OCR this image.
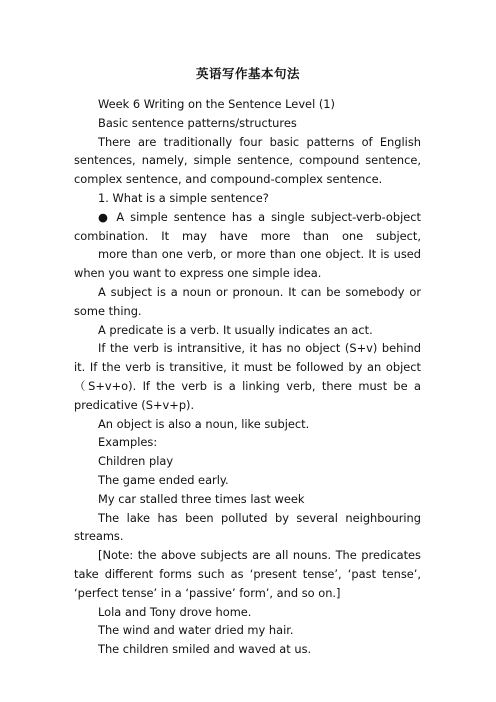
英语写作基本句法

Week 6 Writing on the Sentence Level (1)

Basic sentence patterns/structures

There are traditionally four basic patterns of English sentences, namely, simple sentence, compound sentence, complex sentence, and compound-complex sentence.

1. What is a simple sentence?

● A simple sentence has a single subject-verb-object combination. It may have more than one subject,

more than one verb, or more than one object. It is used when you want to express one simple idea.

A subject is a noun or pronoun. It can be somebody or some thing.

A predicate is a verb. It usually indicates an act.

If the verb is intransitive, it has no object (S+v) behind it. If the verb is transitive, it must be followed by an object （S+v+o). If the verb is a linking verb, there must be a predicative (S+v+p).

An object is also a noun, like subject.

Examples:

Children play

The game ended early.

My car stalled three times last week

The lake has been polluted by several neighbouring streams.

[Note: the above subjects are all nouns. The predicates take different forms such as ‘present tense’, ‘past tense’, ‘perfect tense’ in a ‘passive’ form’, and so on.]

Lola and Tony drove home.

The wind and water dried my hair.

The children smiled and waved at us.
